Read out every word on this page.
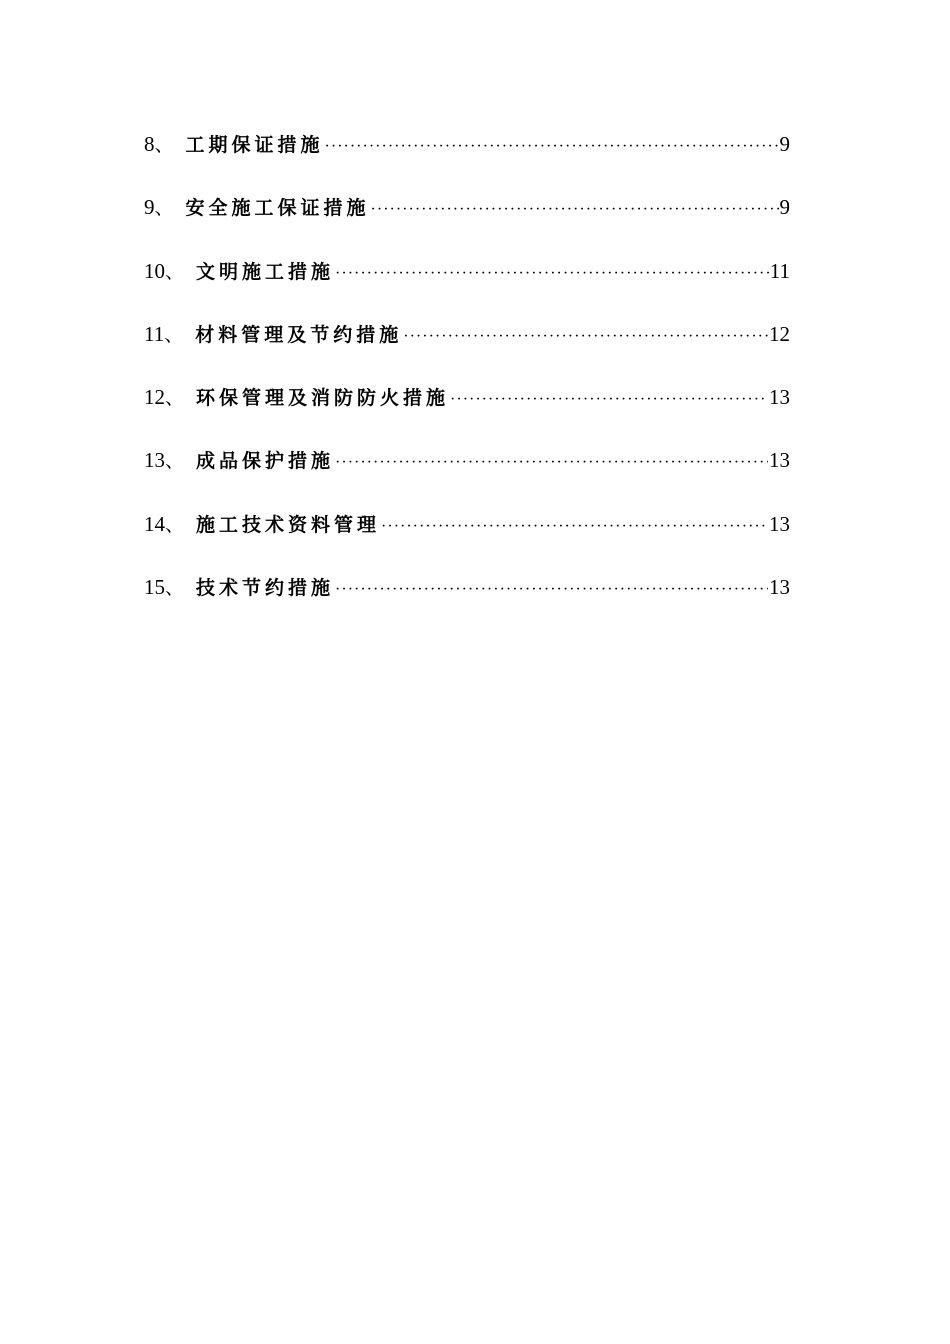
8 、 工期保证措施 ·····	9
9 、 安全施工保证措施 ·····	9
10 、 文明施工措施 ·····	11
11 、 材料管理及节约措施 ·····	12
12 、 环保管理及消防防火措施 ·····	13
13 、 成品保护措施 ·····	13
14 、 施工技术资料管理 ·····	13
15 、 技术节约措施 ·····	13
